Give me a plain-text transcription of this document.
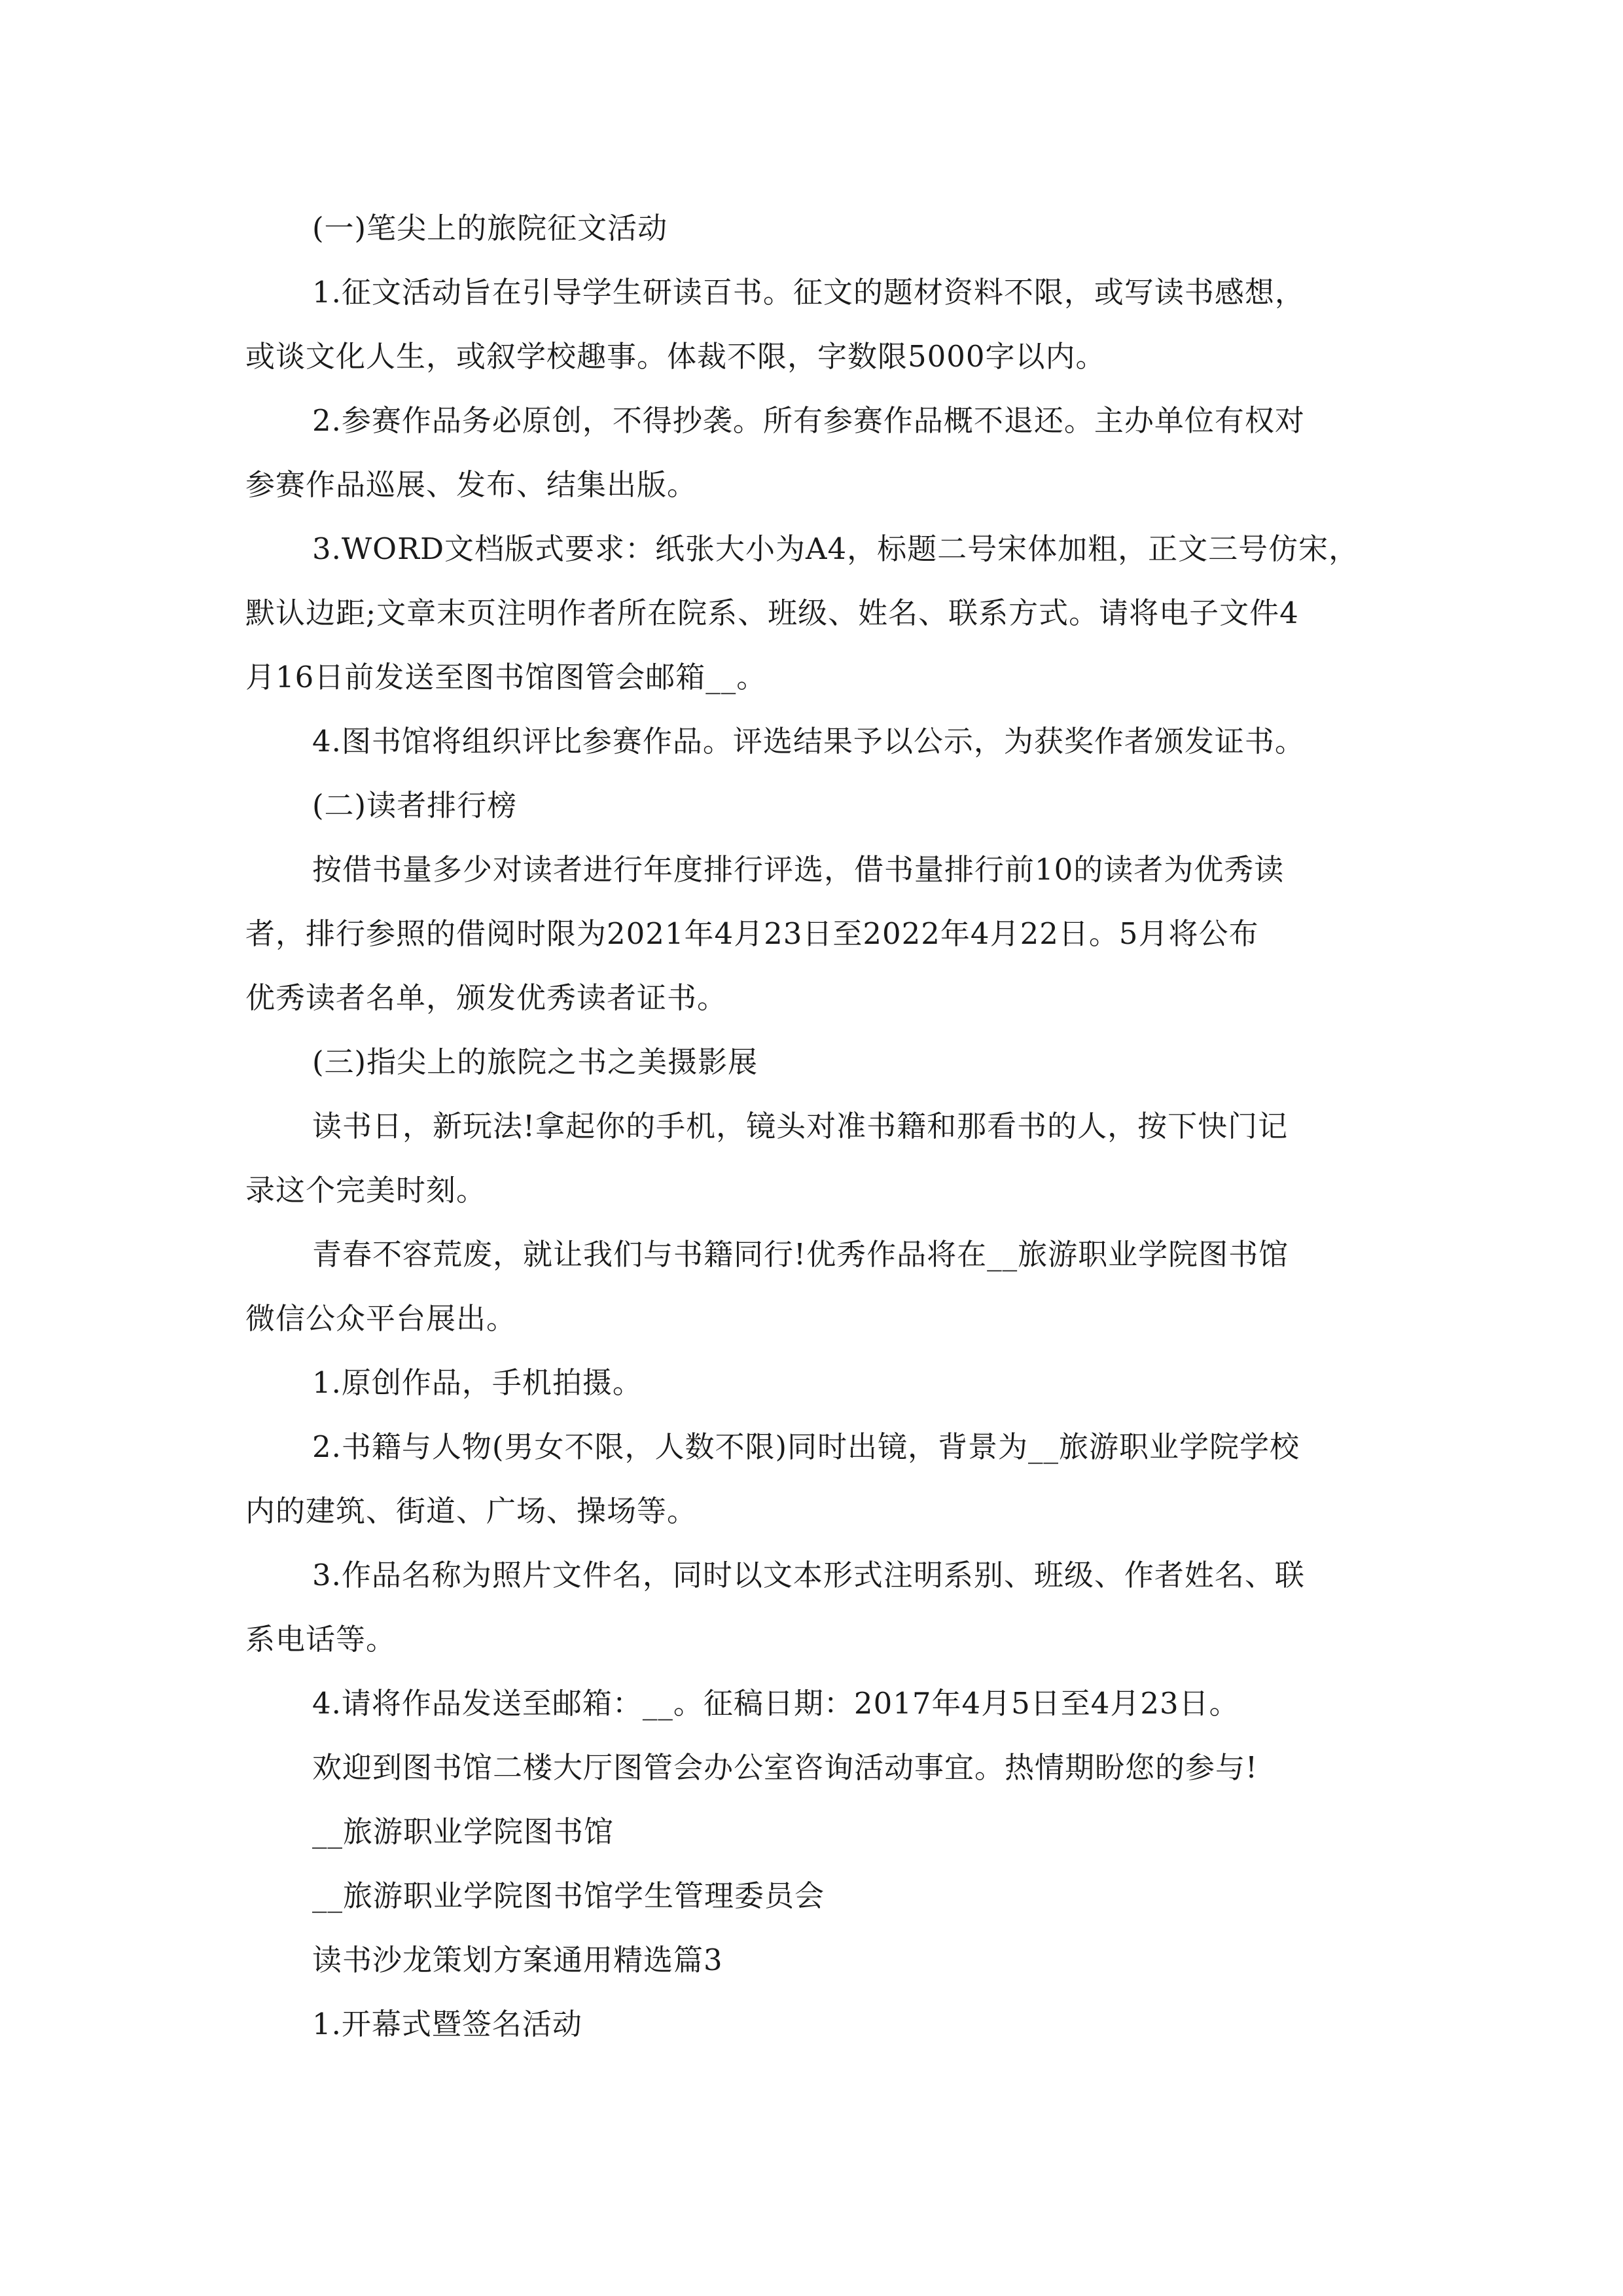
(一)笔尖上的旅院征文活动
1.征文活动旨在引导学生研读百书。征文的题材资料不限，或写读书感想，
或谈文化人生，或叙学校趣事。体裁不限，字数限5000字以内。
2.参赛作品务必原创，不得抄袭。所有参赛作品概不退还。主办单位有权对
参赛作品巡展、发布、结集出版。
3.WORD文档版式要求：纸张大小为A4，标题二号宋体加粗，正文三号仿宋，
默认边距;文章末页注明作者所在院系、班级、姓名、联系方式。请将电子文件4
月16日前发送至图书馆图管会邮箱__。
4.图书馆将组织评比参赛作品。评选结果予以公示，为获奖作者颁发证书。
(二)读者排行榜
按借书量多少对读者进行年度排行评选，借书量排行前10的读者为优秀读
者，排行参照的借阅时限为2021年4月23日至2022年4月22日。5月将公布
优秀读者名单，颁发优秀读者证书。
(三)指尖上的旅院之书之美摄影展
读书日，新玩法!拿起你的手机，镜头对准书籍和那看书的人，按下快门记
录这个完美时刻。
青春不容荒废，就让我们与书籍同行!优秀作品将在__旅游职业学院图书馆
微信公众平台展出。
1.原创作品，手机拍摄。
2.书籍与人物(男女不限，人数不限)同时出镜，背景为__旅游职业学院学校
内的建筑、街道、广场、操场等。
3.作品名称为照片文件名，同时以文本形式注明系别、班级、作者姓名、联
系电话等。
4.请将作品发送至邮箱：__。征稿日期：2017年4月5日至4月23日。
欢迎到图书馆二楼大厅图管会办公室咨询活动事宜。热情期盼您的参与!
__旅游职业学院图书馆
__旅游职业学院图书馆学生管理委员会
读书沙龙策划方案通用精选篇3
1.开幕式暨签名活动
